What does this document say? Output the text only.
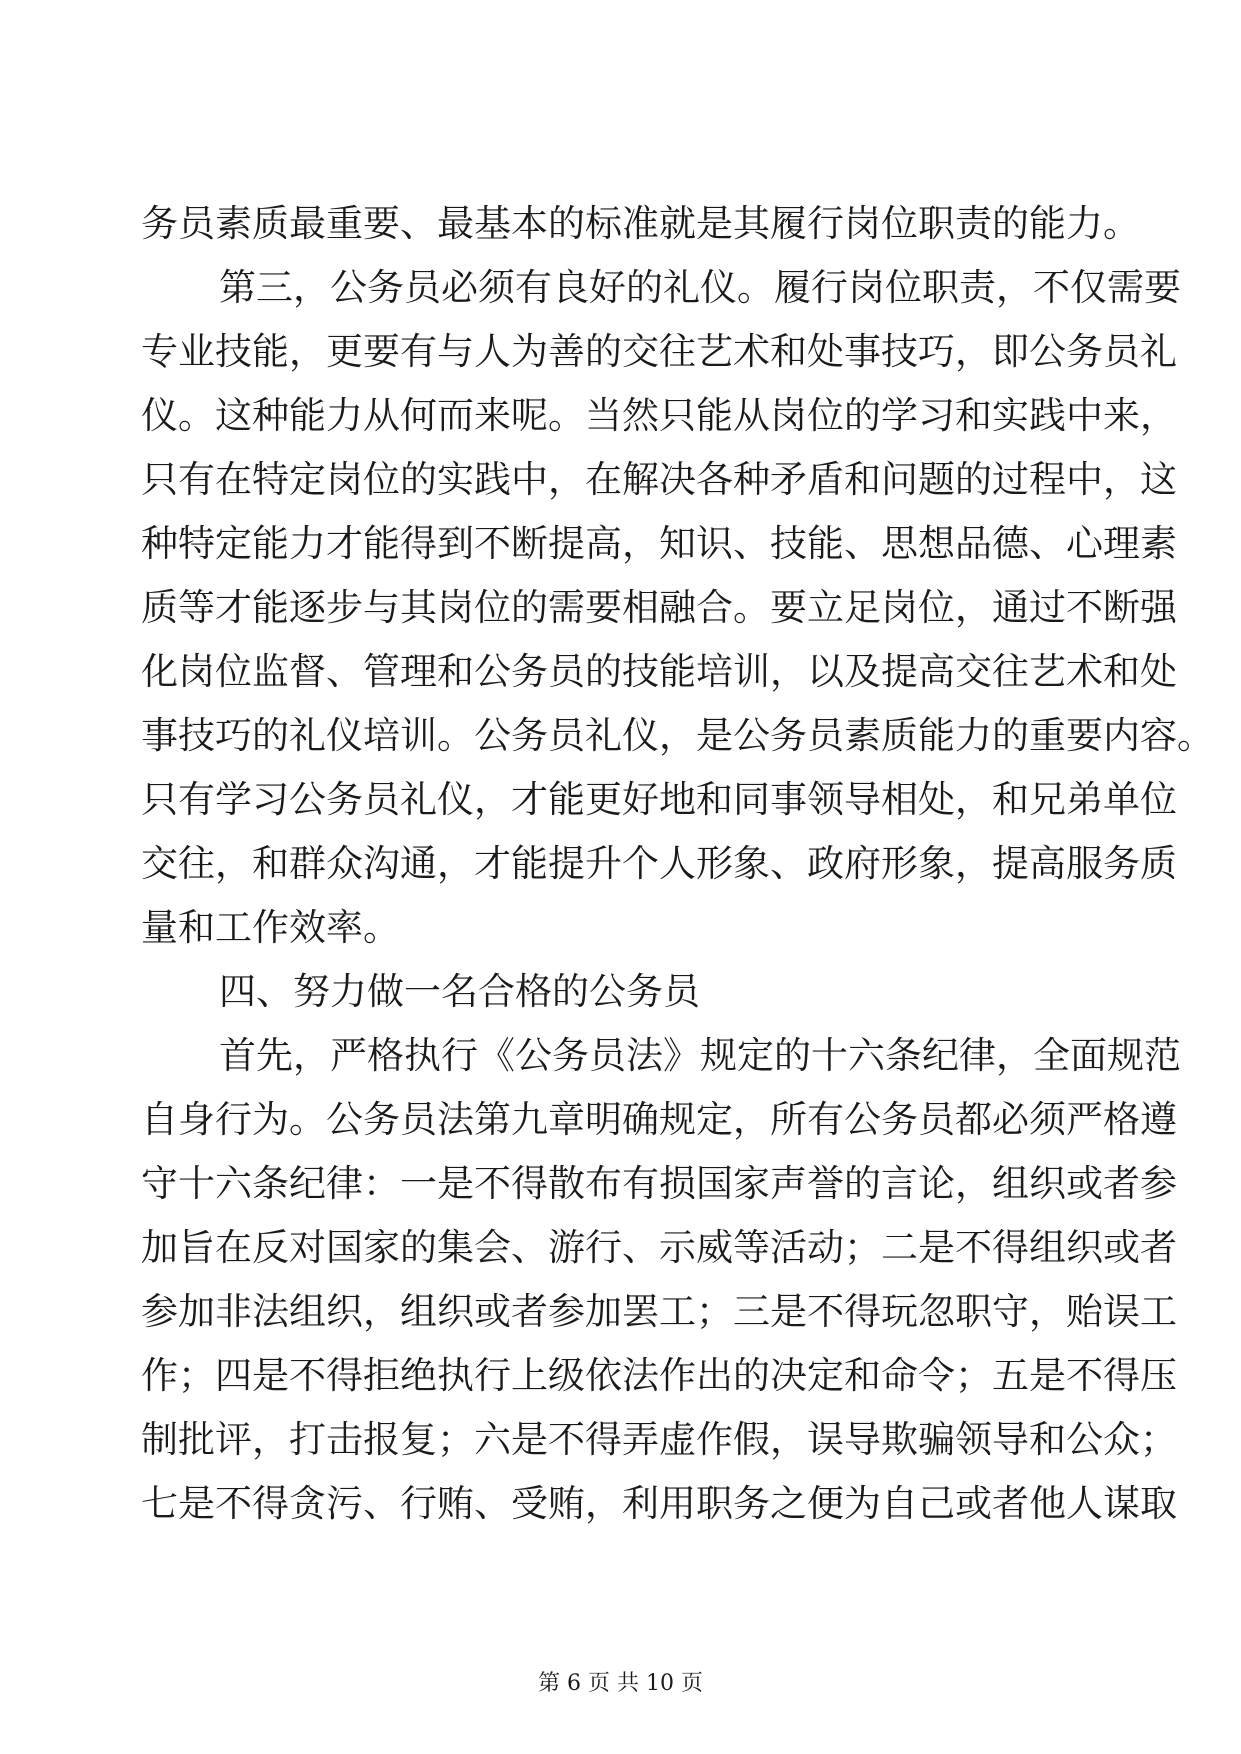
务员素质最重要、最基本的标准就是其履行岗位职责的能力。
第三，公务员必须有良好的礼仪。履行岗位职责，不仅需要
专业技能，更要有与人为善的交往艺术和处事技巧，即公务员礼
仪。这种能力从何而来呢。当然只能从岗位的学习和实践中来，
只有在特定岗位的实践中，在解决各种矛盾和问题的过程中，这
种特定能力才能得到不断提高，知识、技能、思想品德、心理素
质等才能逐步与其岗位的需要相融合。要立足岗位，通过不断强
化岗位监督、管理和公务员的技能培训，以及提高交往艺术和处
事技巧的礼仪培训。公务员礼仪，是公务员素质能力的重要内容。
只有学习公务员礼仪，才能更好地和同事领导相处，和兄弟单位
交往，和群众沟通，才能提升个人形象、政府形象，提高服务质
量和工作效率。
四、努力做一名合格的公务员
首先，严格执行《公务员法》规定的十六条纪律，全面规范
自身行为。公务员法第九章明确规定，所有公务员都必须严格遵
守十六条纪律：一是不得散布有损国家声誉的言论，组织或者参
加旨在反对国家的集会、游行、示威等活动；二是不得组织或者
参加非法组织，组织或者参加罢工；三是不得玩忽职守，贻误工
作；四是不得拒绝执行上级依法作出的决定和命令；五是不得压
制批评，打击报复；六是不得弄虚作假，误导欺骗领导和公众；
七是不得贪污、行贿、受贿，利用职务之便为自己或者他人谋取
第 6 页 共 10 页
